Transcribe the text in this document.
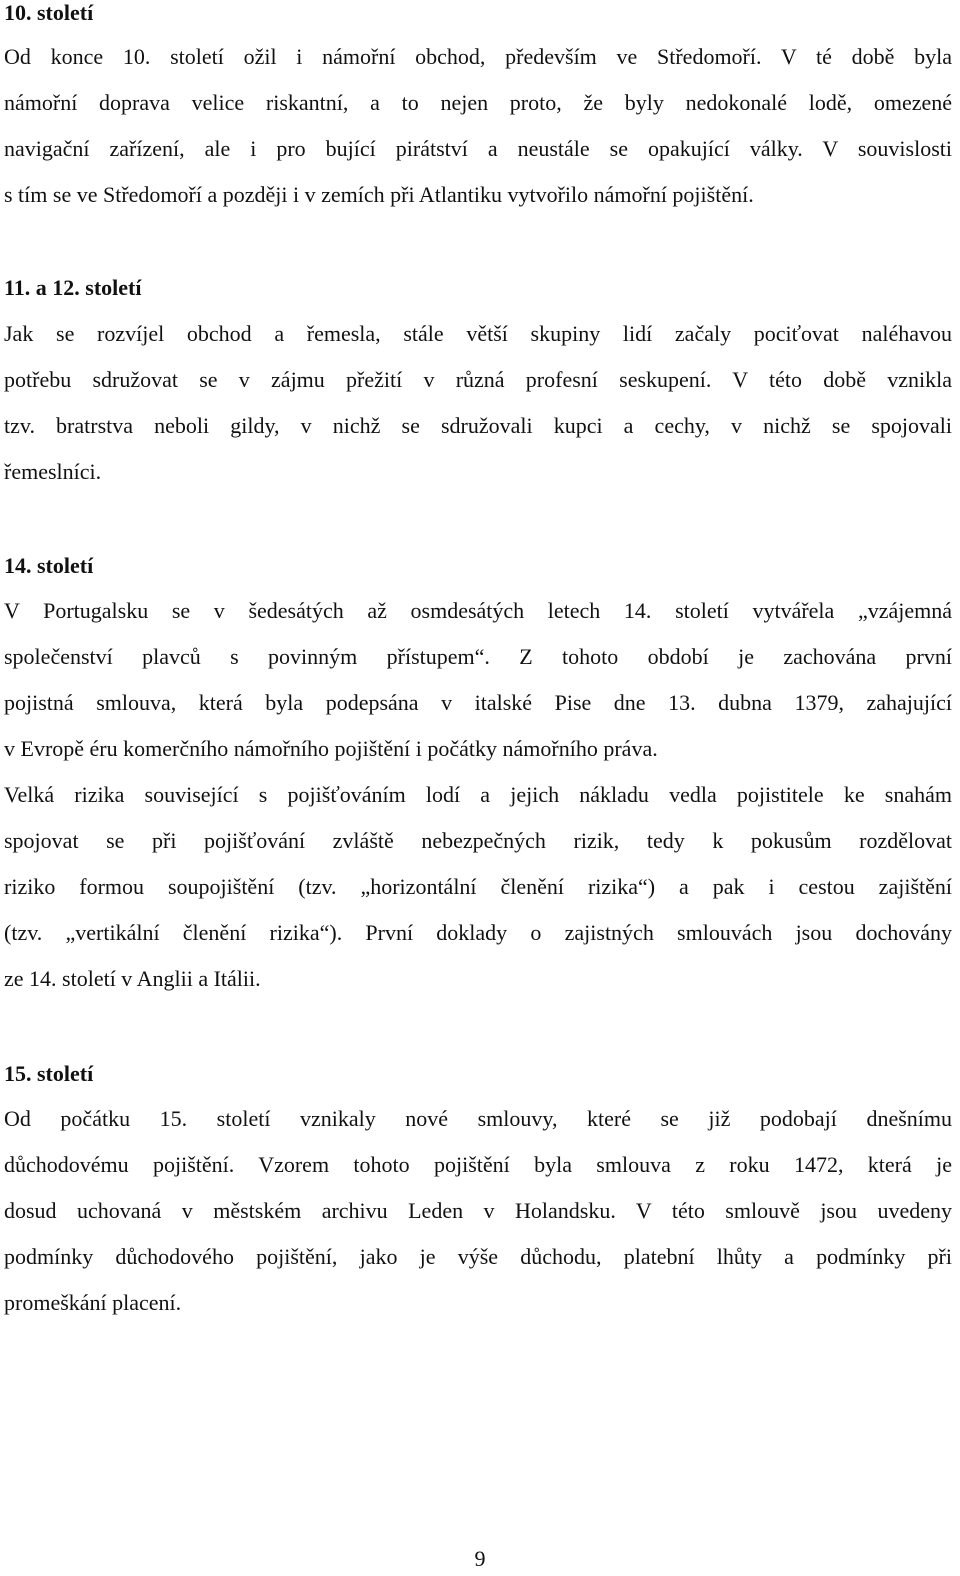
10. století
Od konce 10. století ožil i námořní obchod, především ve Středomoří. V té době byla
námořní doprava velice riskantní, a to nejen proto, že byly nedokonalé lodě, omezené
navigační zařízení, ale i pro bující pirátství a neustále se opakující války. V souvislosti
s tím se ve Středomoří a později i v zemích při Atlantiku vytvořilo námořní pojištění.
11. a 12. století
Jak se rozvíjel obchod a řemesla, stále větší skupiny lidí začaly pociťovat naléhavou
potřebu sdružovat se v zájmu přežití v různá profesní seskupení. V této době vznikla
tzv. bratrstva neboli gildy, v nichž se sdružovali kupci a cechy, v nichž se spojovali
řemeslníci.
14. století
V Portugalsku se v šedesátých až osmdesátých letech 14. století vytvářela „vzájemná
společenství plavců s povinným přístupem“. Z tohoto období je zachována první
pojistná smlouva, která byla podepsána v italské Pise dne 13. dubna 1379, zahajující
v Evropě éru komerčního námořního pojištění i počátky námořního práva.
Velká rizika související s pojišťováním lodí a jejich nákladu vedla pojistitele ke snahám
spojovat se při pojišťování zvláště nebezpečných rizik, tedy k pokusům rozdělovat
riziko formou soupojištění (tzv. „horizontální členění rizika“) a pak i cestou zajištění
(tzv. „vertikální členění rizika“). První doklady o zajistných smlouvách jsou dochovány
ze 14. století v Anglii a Itálii.
15. století
Od počátku 15. století vznikaly nové smlouvy, které se již podobají dnešnímu
důchodovému pojištění. Vzorem tohoto pojištění byla smlouva z roku 1472, která je
dosud uchovaná v městském archivu Leden v Holandsku. V této smlouvě jsou uvedeny
podmínky důchodového pojištění, jako je výše důchodu, platební lhůty a podmínky při
promeškání placení.
9
